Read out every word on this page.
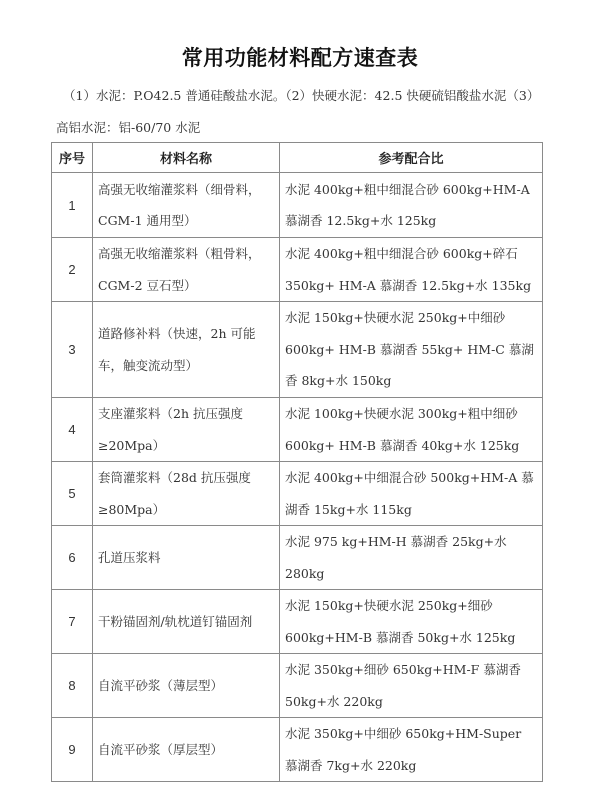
常用功能材料配方速查表
（1）水泥：P.O42.5 普通硅酸盐水泥。（2）快硬水泥：42.5 快硬硫铝酸盐水泥（3）
高铝水泥：铝-60/70 水泥
序号	材料名称	参考配合比
1	高强无收缩灌浆料（细骨料，CGM-1 通用型）	水泥 400kg+粗中细混合砂 600kg+HM-A 慕湖香 12.5kg+水 125kg

2	高强无收缩灌浆料（粗骨料，CGM-2 豆石型）	水泥 400kg+粗中细混合砂 600kg+碎石 350kg+ HM-A 慕湖香 12.5kg+水 135kg

3	道路修补料（快速，2h 可能车，触变流动型）	水泥 150kg+快硬水泥 250kg+中细砂 600kg+ HM-B 慕湖香 55kg+ HM-C 慕湖香 8kg+水 150kg

4	支座灌浆料（2h 抗压强度≥20Mpa）	水泥 100kg+快硬水泥 300kg+粗中细砂 600kg+ HM-B 慕湖香 40kg+水 125kg

5	套筒灌浆料（28d 抗压强度≥80Mpa）	水泥 400kg+中细混合砂 500kg+HM-A 慕湖香 15kg+水 115kg

6	孔道压浆料	水泥 975 kg+HM-H 慕湖香 25kg+水 280kg

7	干粉锚固剂/轨枕道钉锚固剂	水泥 150kg+快硬水泥 250kg+细砂 600kg+HM-B 慕湖香 50kg+水 125kg

8	自流平砂浆（薄层型）	水泥 350kg+细砂 650kg+HM-F 慕湖香 50kg+水 220kg

9	自流平砂浆（厚层型）	水泥 350kg+中细砂 650kg+HM-Super 慕湖香 7kg+水 220kg
